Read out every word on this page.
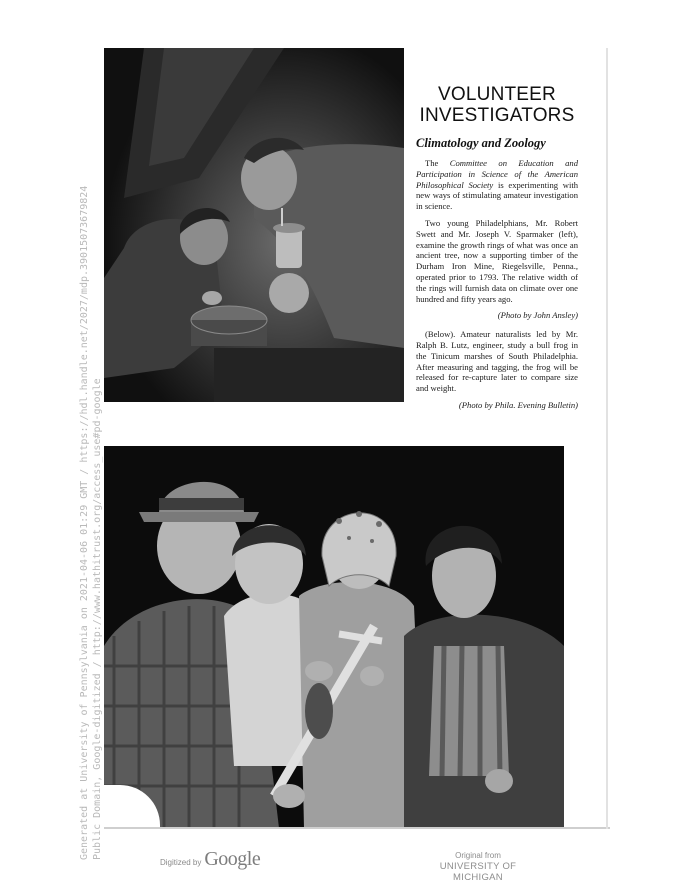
Generated at University of Pennsylvania on 2021-04-06 01:29 GMT / https://hdl.handle.net/2027/mdp.39015073679824 Public Domain, Google-digitized / http://www.hathitrust.org/access_use#pd-google
VOLUNTEER
INVESTIGATORS
Climatology and Zoology

The Committee on Education and Participation in Science of the American Philosophical Society is experimenting with new ways of stimulating amateur investigation in science.

Two young Philadelphians, Mr. Robert Swett and Mr. Joseph V. Sparmaker (left), examine the growth rings of what was once an ancient tree, now a supporting timber of the Durham Iron Mine, Riegelsville, Penna., operated prior to 1793. The relative width of the rings will furnish data on climate over one hundred and fifty years ago.

(Photo by John Ansley)

(Below). Amateur naturalists led by Mr. Ralph B. Lutz, engineer, study a bull frog in the Tinicum marshes of South Philadelphia. After measuring and tagging, the frog will be released for re-capture later to compare size and weight.

(Photo by Phila. Evening Bulletin)

Digitized by Google	Original from
UNIVERSITY OF MICHIGAN
